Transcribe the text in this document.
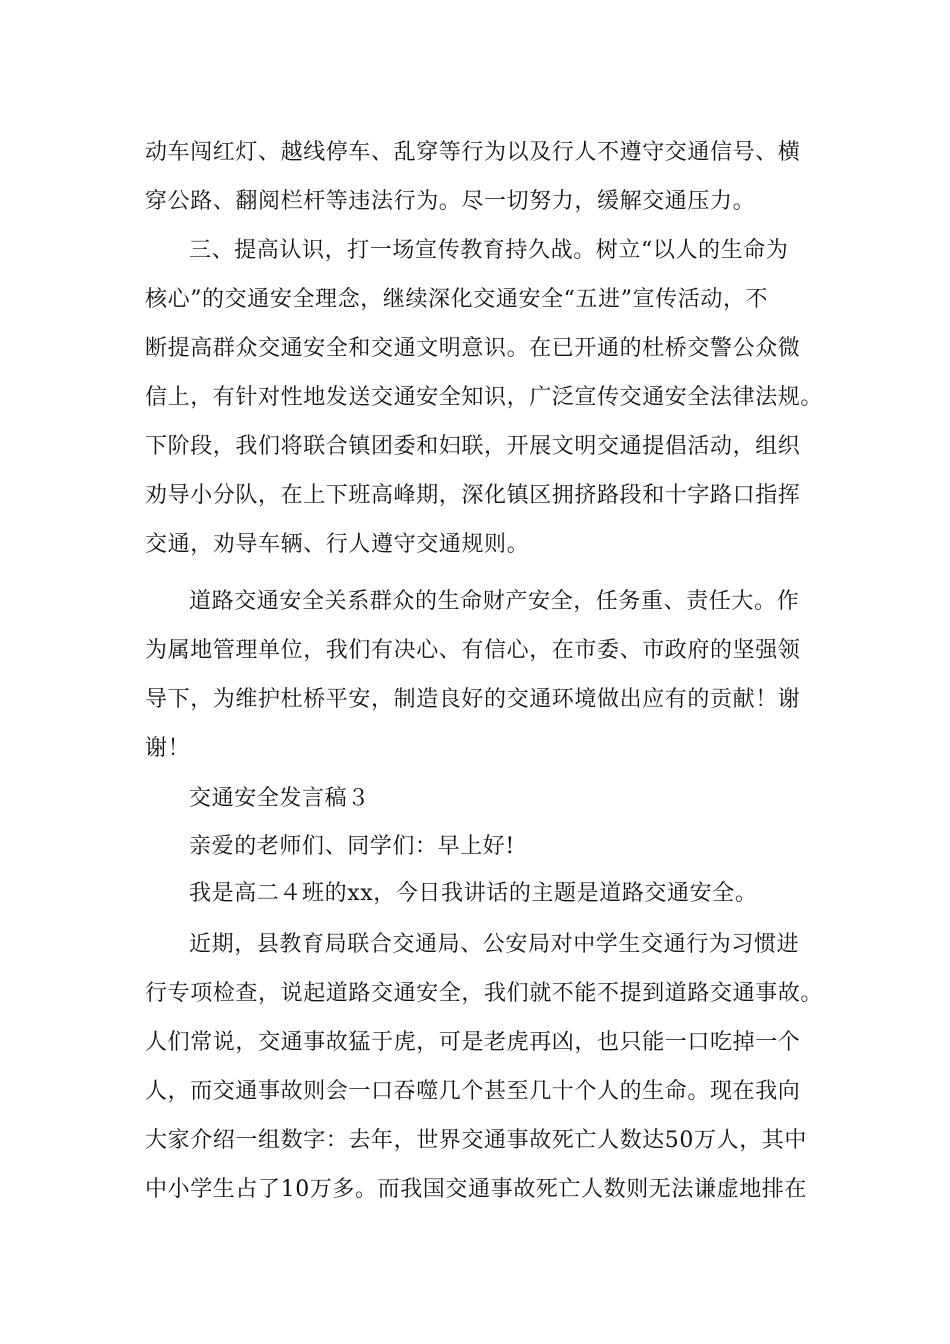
动车闯红灯、越线停车、乱穿等行为以及行人不遵守交通信号、横
穿公路、翻阅栏杆等违法行为。尽一切努力，缓解交通压力。
三、提高认识，打一场宣传教育持久战。树立“以人的生命为
核心”的交通安全理念，继续深化交通安全“五进”宣传活动，不
断提高群众交通安全和交通文明意识。在已开通的杜桥交警公众微
信上，有针对性地发送交通安全知识，广泛宣传交通安全法律法规。
下阶段，我们将联合镇团委和妇联，开展文明交通提倡活动，组织
劝导小分队，在上下班高峰期，深化镇区拥挤路段和十字路口指挥
交通，劝导车辆、行人遵守交通规则。
道路交通安全关系群众的生命财产安全，任务重、责任大。作
为属地管理单位，我们有决心、有信心，在市委、市政府的坚强领
导下，为维护杜桥平安，制造良好的交通环境做出应有的贡献！谢
谢！
交通安全发言稿３
亲爱的老师们、同学们：早上好!
我是高二４班的xx，今日我讲话的主题是道路交通安全。
近期，县教育局联合交通局、公安局对中学生交通行为习惯进
行专项检查，说起道路交通安全，我们就不能不提到道路交通事故。
人们常说，交通事故猛于虎，可是老虎再凶，也只能一口吃掉一个
人，而交通事故则会一口吞噬几个甚至几十个人的生命。现在我向
大家介绍一组数字：去年，世界交通事故死亡人数达50万人，其中
中小学生占了10万多。而我国交通事故死亡人数则无法谦虚地排在
